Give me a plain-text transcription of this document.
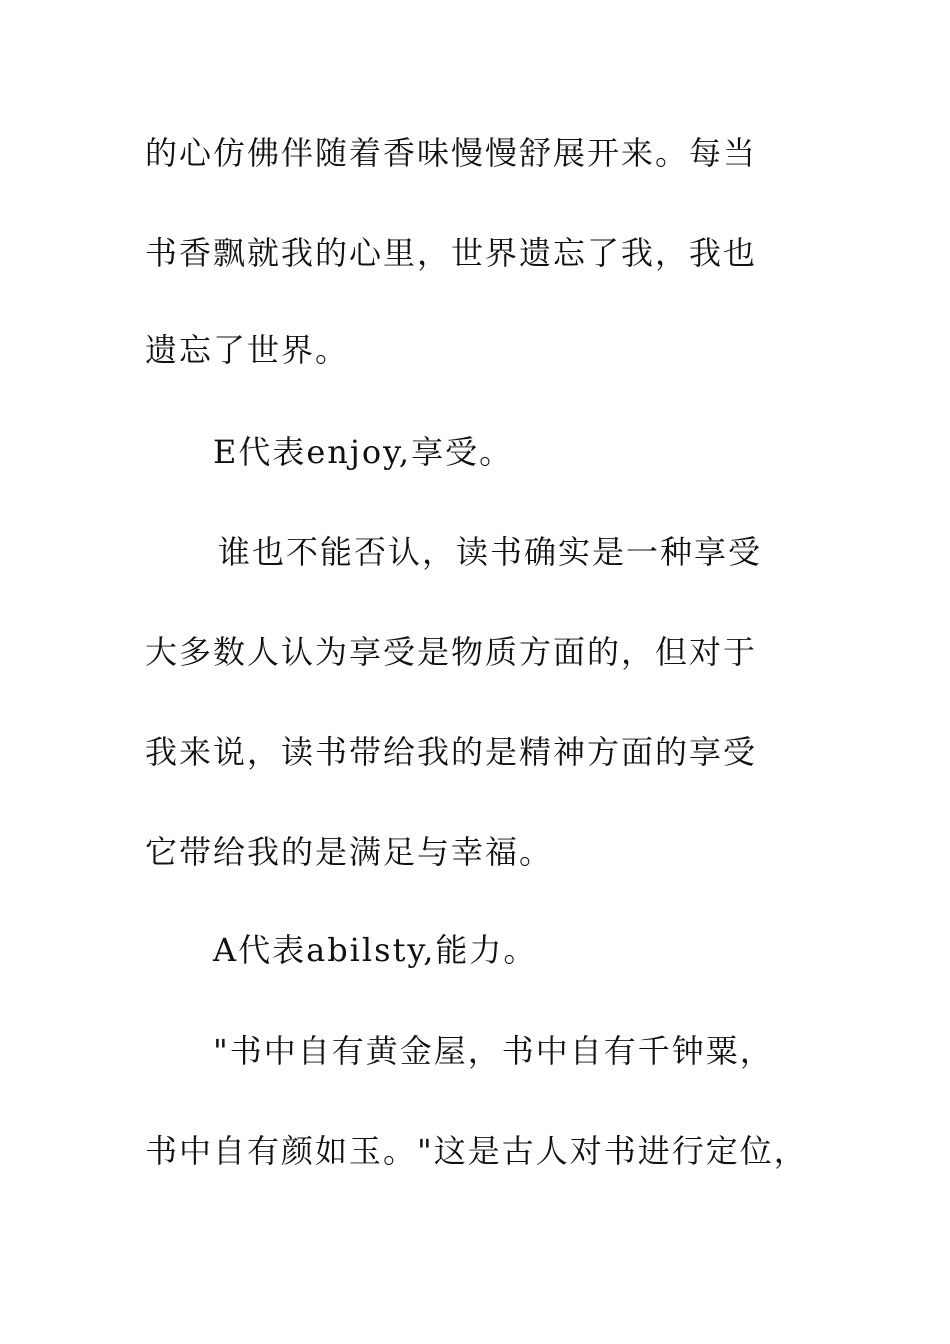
的心仿佛伴随着香味慢慢舒展开来。每当
书香飘就我的心里，世界遗忘了我，我也
遗忘了世界。
E代表enjoy,享受。
谁也不能否认，读书确实是一种享受
大多数人认为享受是物质方面的，但对于
我来说，读书带给我的是精神方面的享受
它带给我的是满足与幸福。
A代表abilsty,能力。
"书中自有黄金屋，书中自有千钟粟，
书中自有颜如玉。"这是古人对书进行定位，
